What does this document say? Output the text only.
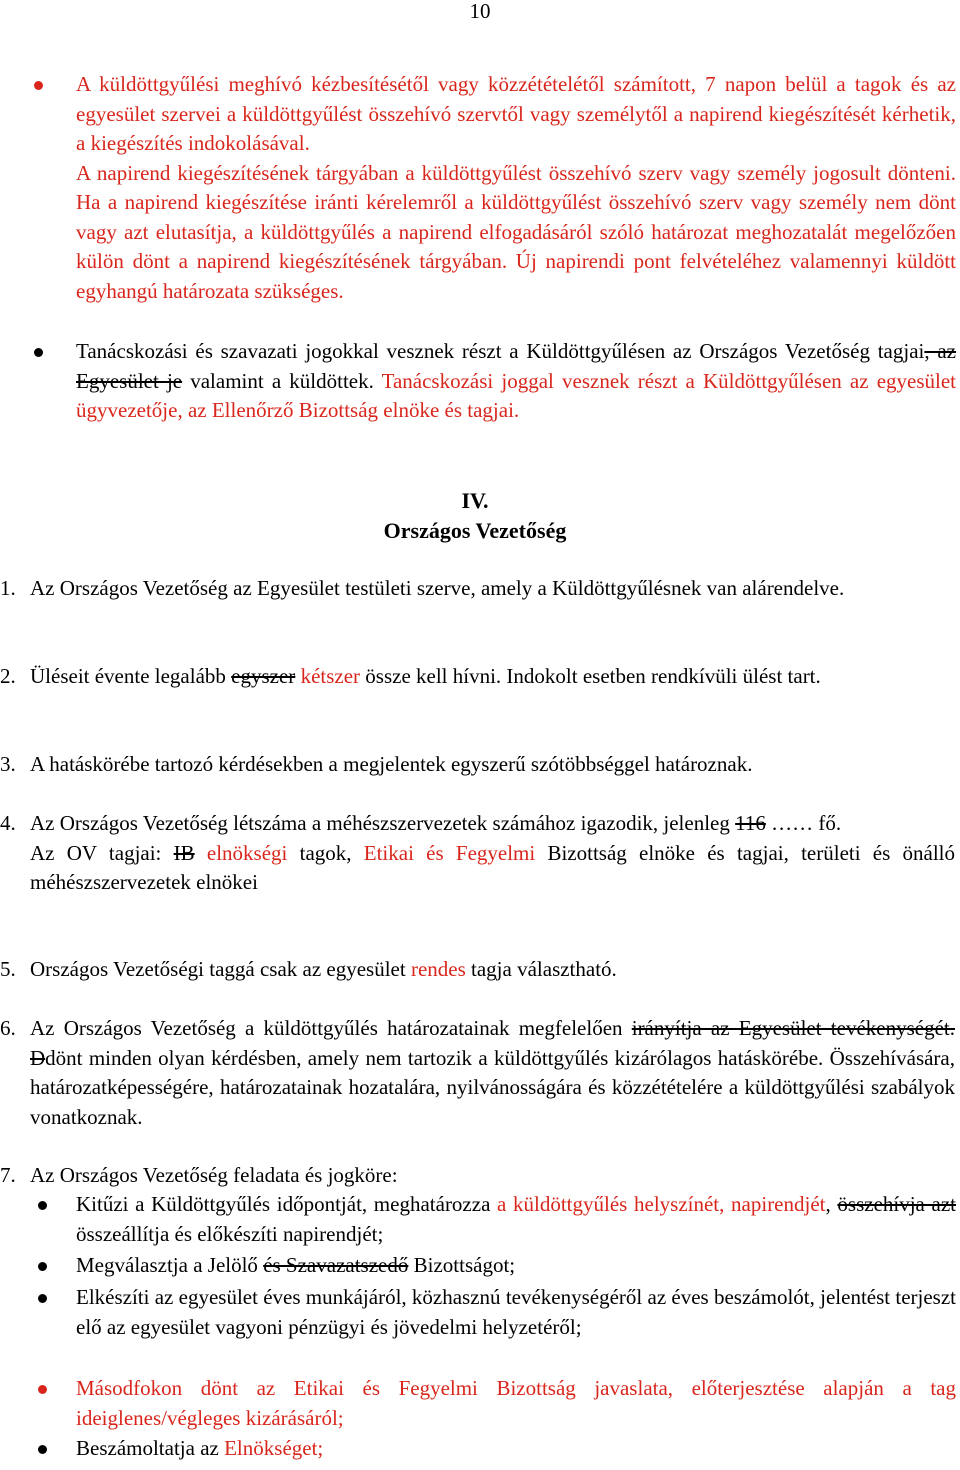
10
A küldöttgyűlési meghívó kézbesítésétől vagy közzétételétől számított, 7 napon belül a tagok és az egyesület szervei a küldöttgyűlést összehívó szervtől vagy személytől a napirend kiegészítését kérhetik, a kiegészítés indokolásával.
A napirend kiegészítésének tárgyában a küldöttgyűlést összehívó szerv vagy személy jogosult dönteni. Ha a napirend kiegészítése iránti kérelemről a küldöttgyűlést összehívó szerv vagy személy nem dönt vagy azt elutasítja, a küldöttgyűlés a napirend elfogadásáról szóló határozat meghozatalát megelőzően külön dönt a napirend kiegészítésének tárgyában. Új napirendi pont felvételéhez valamennyi küldött egyhangú határozata szükséges.
Tanácskozási és szavazati jogokkal vesznek részt a Küldöttgyűlésen az Országos Vezetőség tagjai, az Egyesület je valamint a küldöttek. Tanácskozási joggal vesznek részt a Küldöttgyűlésen az egyesület ügyvezetője, az Ellenőrző Bizottság elnöke és tagjai.
IV.
Országos Vezetőség
1. Az Országos Vezetőség az Egyesület testületi szerve, amely a Küldöttgyűlésnek van alárendelve.
2. Üléseit évente legalább egyszer kétszer össze kell hívni. Indokolt esetben rendkívüli ülést tart.
3. A hatáskörébe tartozó kérdésekben a megjelentek egyszerű szótöbbséggel határoznak.
4. Az Országos Vezetőség létszáma a méhészszervezetek számához igazodik, jelenleg 116 …… fő.
Az OV tagjai: IB elnökségi tagok, Etikai és Fegyelmi Bizottság elnöke és tagjai, területi és önálló méhészszervezetek elnökei
5. Országos Vezetőségi taggá csak az egyesület rendes tagja választható.
6. Az Országos Vezetőség a küldöttgyűlés határozatainak megfelelően irányítja az Egyesület tevékenységét. Ddönt minden olyan kérdésben, amely nem tartozik a küldöttgyűlés kizárólagos hatáskörébe. Összehívására, határozatképességére, határozatainak hozatalára, nyilvánosságára és közzétételére a küldöttgyűlési szabályok vonatkoznak.
7. Az Országos Vezetőség feladata és jogköre:
Kitűzi a Küldöttgyűlés időpontját, meghatározza a küldöttgyűlés helyszínét, napirendjét, összehívja azt összeállítja és előkészíti napirendjét;
Megválasztja a Jelölő és Szavazatszedő Bizottságot;
Elkészíti az egyesület éves munkájáról, közhasznú tevékenységéről az éves beszámolót, jelentést terjeszt elő az egyesület vagyoni pénzügyi és jövedelmi helyzetéről;
Másodfokon dönt az Etikai és Fegyelmi Bizottság javaslata, előterjesztése alapján a tag ideiglenes/végleges kizárásáról;
Beszámoltatja az Elnökséget;
